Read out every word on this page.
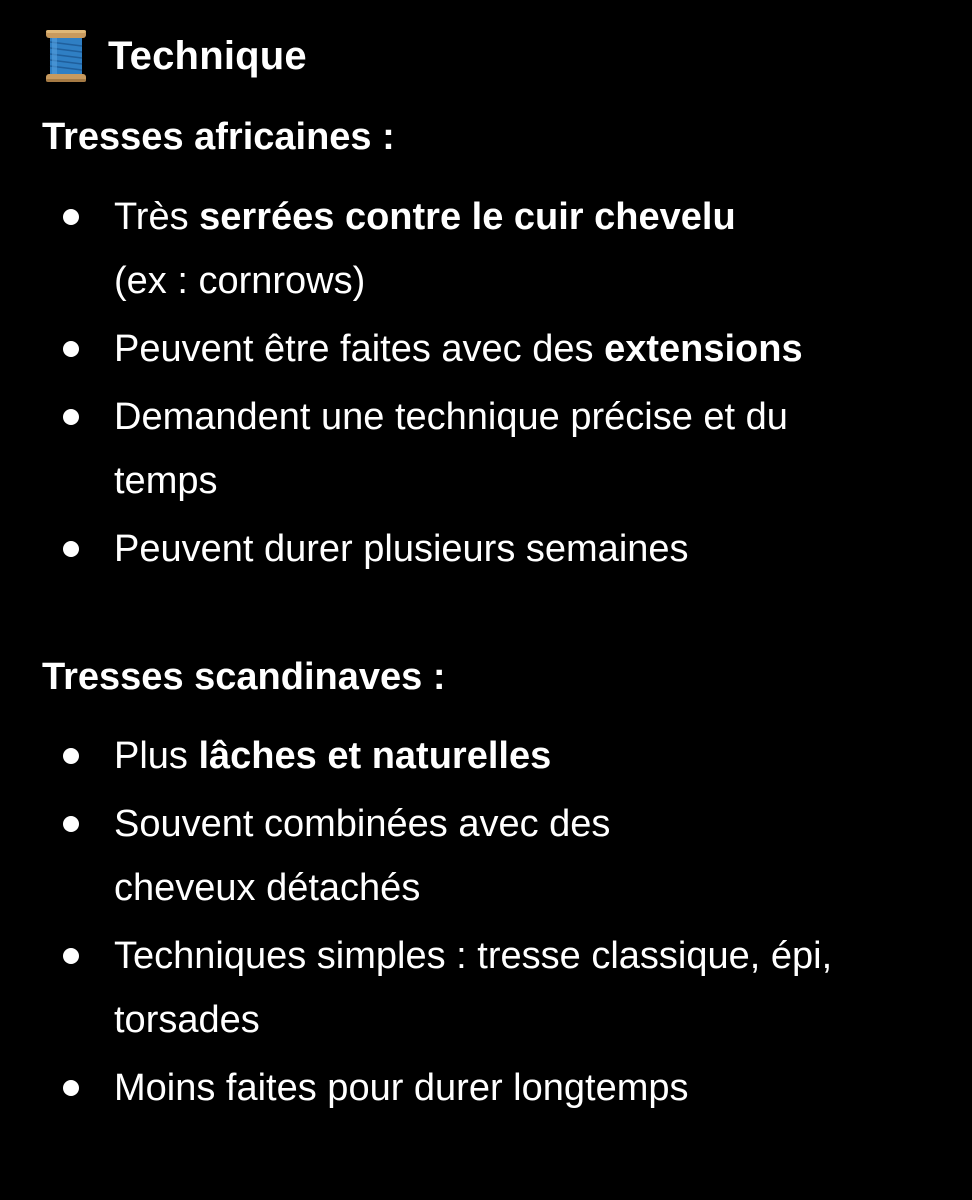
Technique
Tresses africaines :
Très serrées contre le cuir chevelu
(ex : cornrows)
Peuvent être faites avec des extensions
Demandent une technique précise et du temps
Peuvent durer plusieurs semaines
Tresses scandinaves :
Plus lâches et naturelles
Souvent combinées avec des cheveux détachés
Techniques simples : tresse classique, épi, torsades
Moins faites pour durer longtemps
